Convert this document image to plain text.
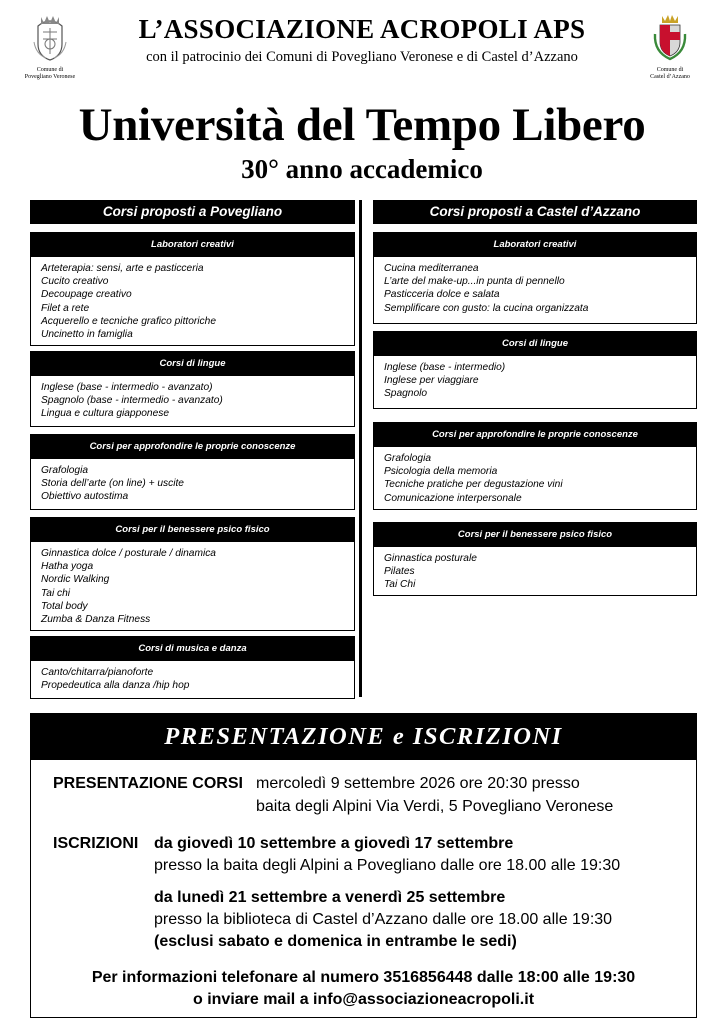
Comune di
Povegliano Veronese
Comune di
Castel d’Azzano
L’ASSOCIAZIONE ACROPOLI APS
con il patrocinio dei Comuni di Povegliano Veronese e di Castel d’Azzano
Università del Tempo Libero
30° anno accademico
Corsi proposti a Povegliano
Laboratori creativi
Arteterapia: sensi, arte e pasticceria
Cucito creativo
Decoupage creativo
Filet a rete
Acquerello e tecniche grafico pittoriche
Uncinetto in famiglia
Corsi di lingue
Inglese (base - intermedio - avanzato)
Spagnolo (base - intermedio - avanzato)
Lingua e cultura giapponese
Corsi per approfondire le proprie conoscenze
Grafologia
Storia dell’arte (on line) + uscite
Obiettivo autostima
Corsi per il benessere psico fisico
Ginnastica dolce / posturale / dinamica
Hatha yoga
Nordic Walking
Tai chi
Total body
Zumba & Danza Fitness
Corsi di musica e danza
Canto/chitarra/pianoforte
Propedeutica alla danza /hip hop
Corsi proposti a Castel d’Azzano
Laboratori creativi
Cucina mediterranea
L’arte del make-up...in punta di pennello
Pasticceria dolce e salata
Semplificare con gusto: la cucina organizzata
Corsi di lingue
Inglese (base - intermedio)
Inglese per viaggiare
Spagnolo
Corsi per approfondire le proprie conoscenze
Grafologia
Psicologia della memoria
Tecniche pratiche per degustazione vini
Comunicazione interpersonale
Corsi per il benessere psico fisico
Ginnastica posturale
Pilates
Tai Chi
PRESENTAZIONE e ISCRIZIONI
PRESENTAZIONE CORSI mercoledì 9 settembre 2026 ore 20:30 presso
baita degli Alpini Via Verdi, 5 Povegliano Veronese
ISCRIZIONI da giovedì 10 settembre a giovedì 17 settembre
presso la baita degli Alpini a Povegliano dalle ore 18.00 alle 19:30
da lunedì 21 settembre a venerdì 25 settembre
presso la biblioteca di Castel d’Azzano dalle ore 18.00 alle 19:30
(esclusi sabato e domenica in entrambe le sedi)
Per informazioni telefonare al numero 3516856448 dalle 18:00 alle 19:30
o inviare mail a info@associazioneacropoli.it
